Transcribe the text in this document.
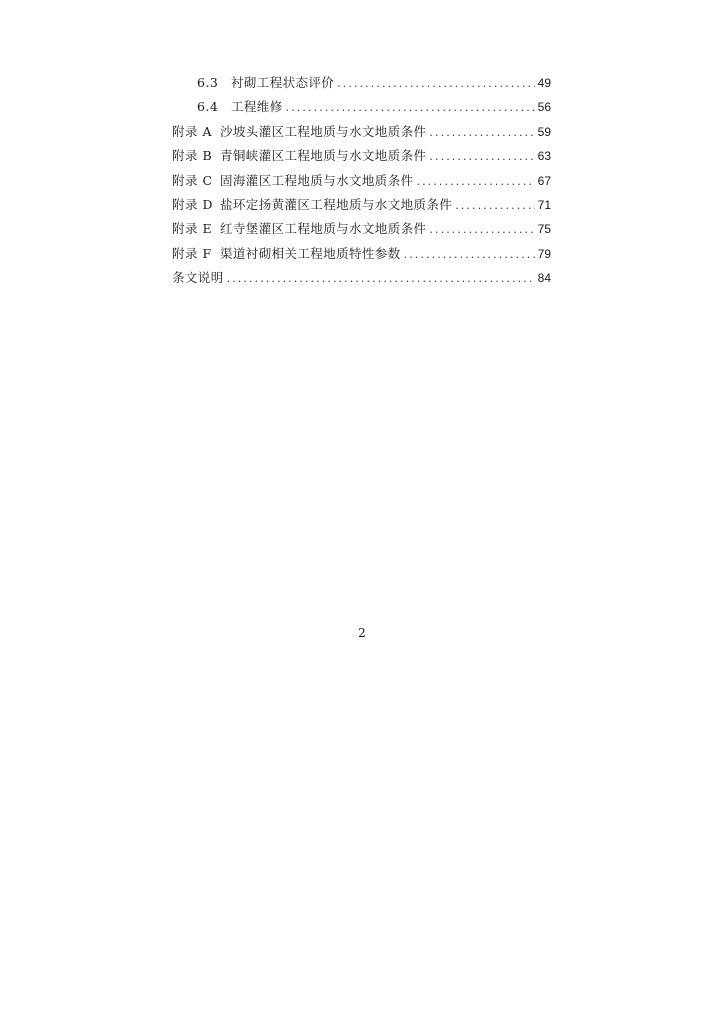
6.3	衬砌工程状态评价 .....	49
6.4	工程维修 .....	56
附录 A 沙坡头灌区工程地质与水文地质条件 .....	59
附录 B 青铜峡灌区工程地质与水文地质条件 .....	63
附录 C 固海灌区工程地质与水文地质条件 .....	67
附录 D 盐环定扬黄灌区工程地质与水文地质条件 .....	71
附录 E 红寺堡灌区工程地质与水文地质条件 .....	75
附录 F 渠道衬砌相关工程地质特性参数 .....	79
条文说明 .....	84
2
